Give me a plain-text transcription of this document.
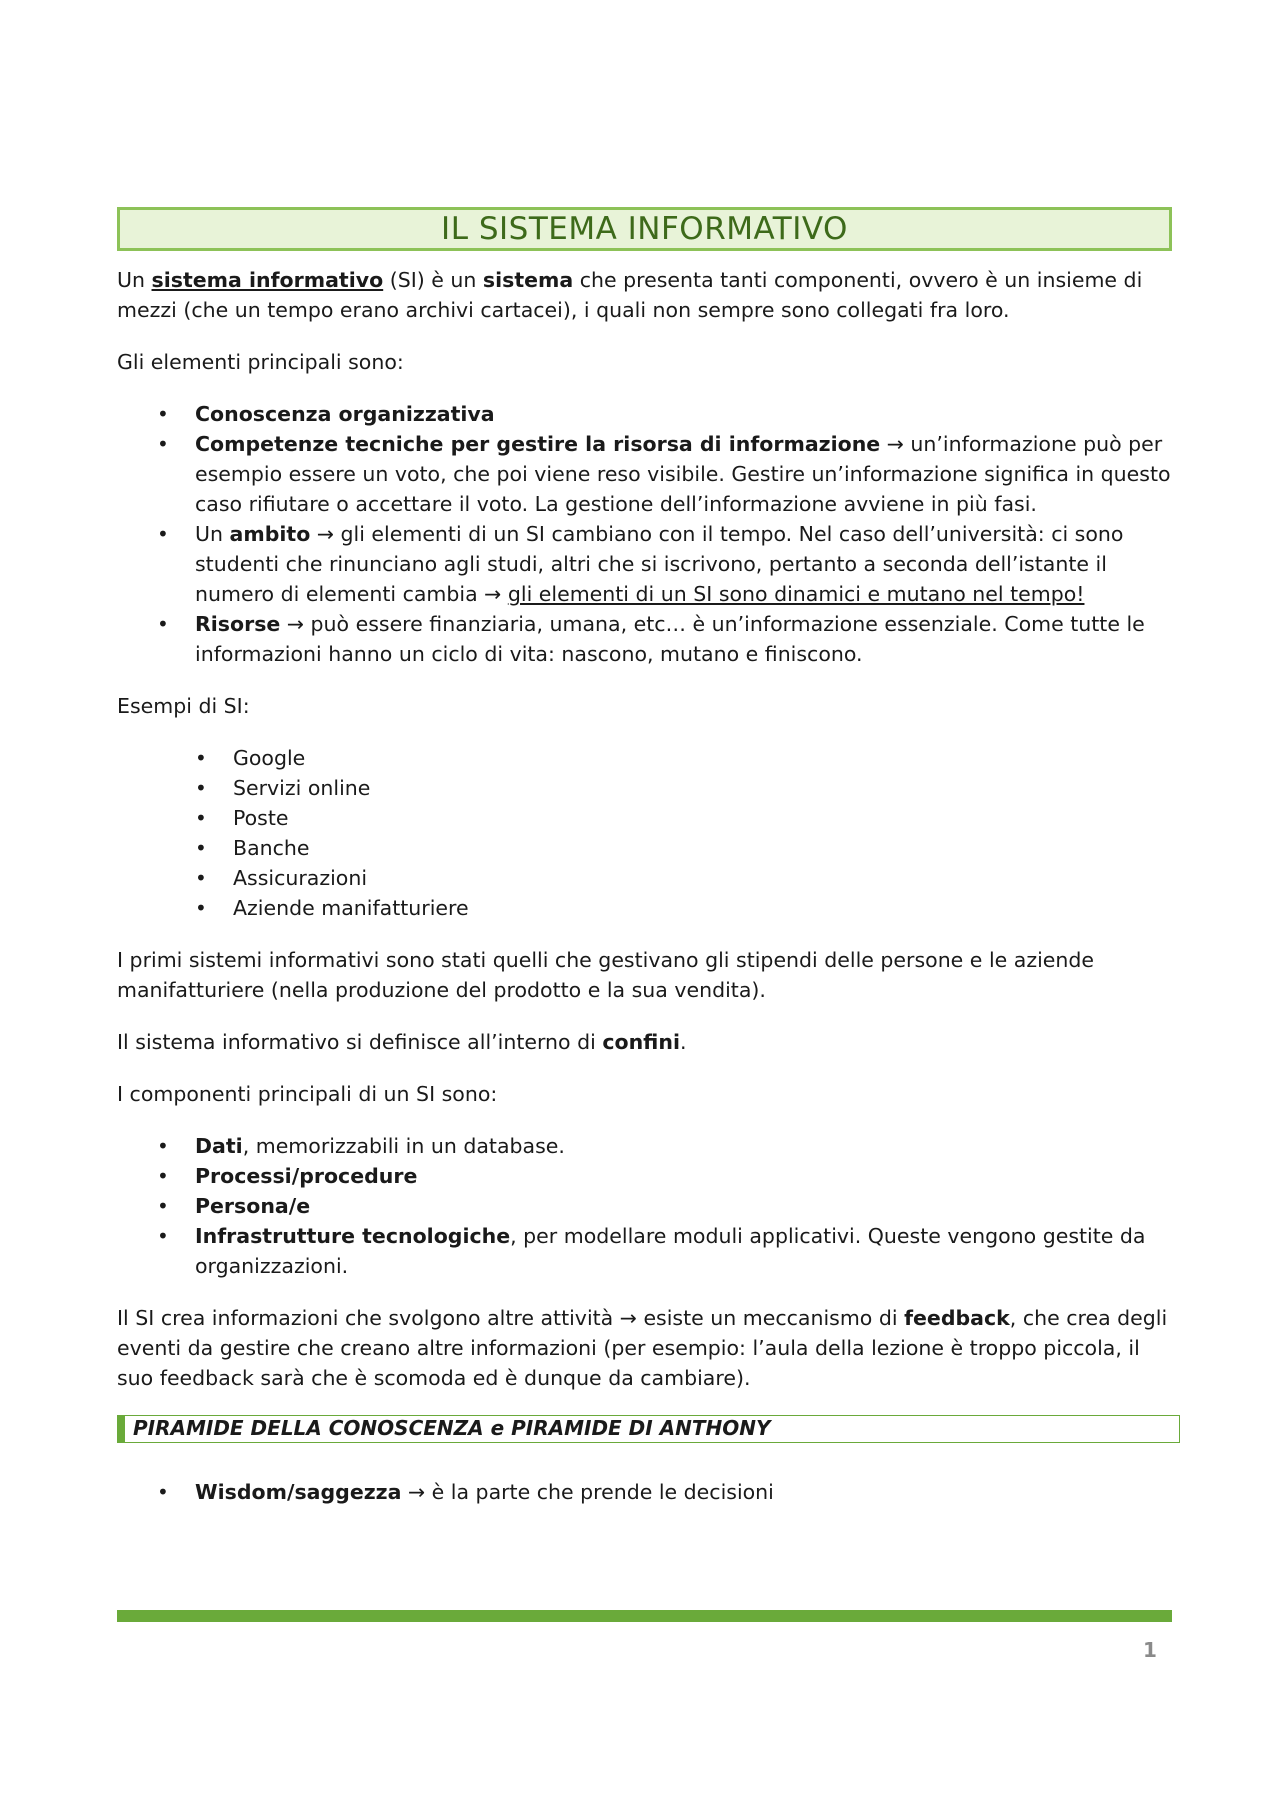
IL SISTEMA INFORMATIVO

Un sistema informativo (SI) è un sistema che presenta tanti componenti, ovvero è un insieme di mezzi (che un tempo erano archivi cartacei), i quali non sempre sono collegati fra loro.

Gli elementi principali sono:

• Conoscenza organizzativa
• Competenze tecniche per gestire la risorsa di informazione → un’informazione può per esempio essere un voto, che poi viene reso visibile. Gestire un’informazione significa in questo caso rifiutare o accettare il voto. La gestione dell’informazione avviene in più fasi.
• Un ambito → gli elementi di un SI cambiano con il tempo. Nel caso dell’università: ci sono studenti che rinunciano agli studi, altri che si iscrivono, pertanto a seconda dell’istante il numero di elementi cambia → gli elementi di un SI sono dinamici e mutano nel tempo!
• Risorse → può essere finanziaria, umana, etc… è un’informazione essenziale. Come tutte le informazioni hanno un ciclo di vita: nascono, mutano e finiscono.

Esempi di SI:

• Google
• Servizi online
• Poste
• Banche
• Assicurazioni
• Aziende manifatturiere

I primi sistemi informativi sono stati quelli che gestivano gli stipendi delle persone e le aziende manifatturiere (nella produzione del prodotto e la sua vendita).

Il sistema informativo si definisce all’interno di confini.

I componenti principali di un SI sono:

• Dati, memorizzabili in un database.
• Processi/procedure
• Persona/e
• Infrastrutture tecnologiche, per modellare moduli applicativi. Queste vengono gestite da organizzazioni.

Il SI crea informazioni che svolgono altre attività → esiste un meccanismo di feedback, che crea degli eventi da gestire che creano altre informazioni (per esempio: l’aula della lezione è troppo piccola, il suo feedback sarà che è scomoda ed è dunque da cambiare).

PIRAMIDE DELLA CONOSCENZA e PIRAMIDE DI ANTHONY
• Wisdom/saggezza → è la parte che prende le decisioni
1
